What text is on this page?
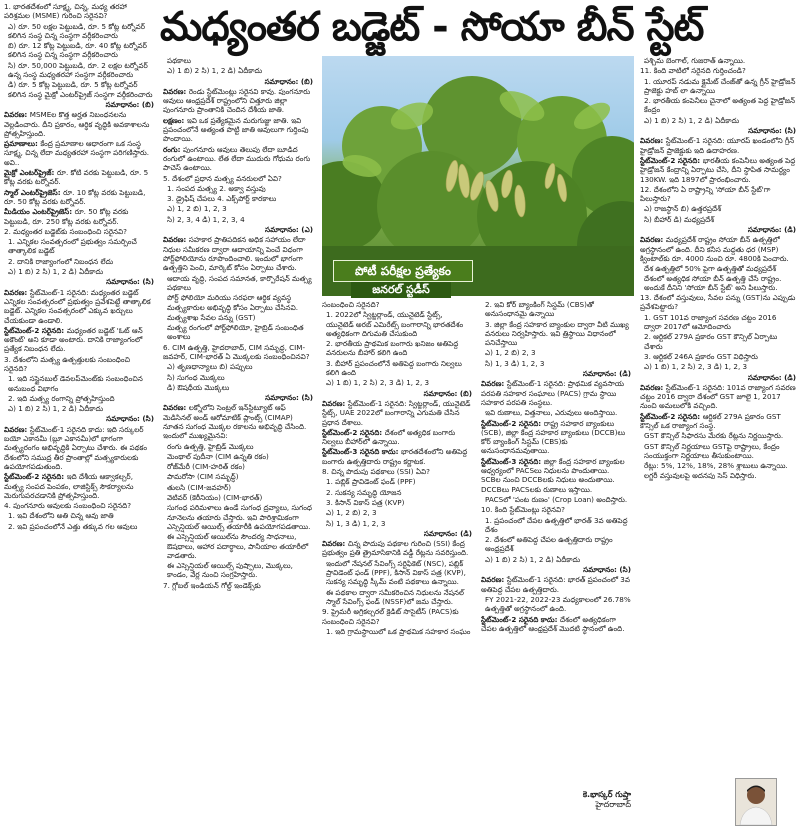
మధ్యంతర బడ్జెట్ - సోయా బీన్ స్టేట్

1. భారతదేశంలో సూక్ష్మ, చిన్న, మధ్య తరహా పరిశ్రమల (MSME) గురించి సరైనవి?

ఎ) రూ. 50 లక్షల పెట్టుబడి, రూ. 5 కోట్ల టర్నోవర్ కలిగిన సంస్థ చిన్న సంస్థగా వర్గీకరించారు

బి) రూ. 12 కోట్ల పెట్టుబడి, రూ. 40 కోట్ల టర్నోవర్ కలిగిన సంస్థ చిన్న సంస్థగా వర్గీకరించారు

సి) రూ. 50,000 పెట్టుబడి, రూ. 2 లక్షల టర్నోవర్ ఉన్న సంస్థ మధ్యతరహా సంస్థగా వర్గీకరించారు

డి) రూ. 5 కోట్ల పెట్టుబడి, రూ. 5 కోట్ల టర్నోవర్ కలిగిన సంస్థ మైక్రో ఎంటర్‌ప్రైజ్ సంస్థగా వర్గీకరించారు

సమాధానం: (బి)

వివరణ: MSMEల కొత్త అర్హత నిబంధనలను వెల్లడించారు. దీని ప్రకారం, ఆర్థిక వృద్ధికి అవకాశాలను ప్రోత్సహిస్తుంది.

ప్రమాణాలు: కేంద్ర ప్రమాణాల ఆధారంగా ఒక సంస్థ సూక్ష్మ, చిన్న లేదా మధ్యతరహా సంస్థగా పరిగణిస్తారు. అవి..

మైక్రో ఎంటర్‌ప్రైజ్: రూ. కోటి వరకు పెట్టుబడి, రూ. 5 కోట్ల వరకు టర్నోవర్.

స్మాల్ ఎంటర్‌ప్రైజెస్: రూ. 10 కోట్ల వరకు పెట్టుబడి, రూ. 50 కోట్ల వరకు టర్నోవర్.

మీడియం ఎంటర్‌ప్రైజెస్: రూ. 50 కోట్ల వరకు పెట్టుబడి, రూ. 250 కోట్ల వరకు టర్నోవర్.

2. మధ్యంతర బడ్జెట్‌కు సంబంధించి సరైనవి?

1. ఎన్నికల సంవత్సరంలో ప్రభుత్వం సమర్పించే తాత్కాలిక బడ్జెట్

2. దానికి రాజ్యాంగంలో నిబంధన లేదు

ఎ) 1 బి) 2 సి) 1, 2 డి) ఏదీకాదు

సమాధానం: (సి)

వివరణ: స్టేట్‌మెంట్-1 సరైనది: మధ్యంతర బడ్జెట్ ఎన్నికల సంవత్సరంలో ప్రభుత్వం ప్రవేశపెట్టే తాత్కాలిక బడ్జెట్. ఎన్నికల సంవత్సరంలో ఎక్కువ ఖర్చులు చేయకుండా ఉండాలి.

స్టేట్‌మెంట్-2 సరైనది: మధ్యంతర బడ్జెట్ 'ఓట్ ఆన్ అకౌంట్' అని కూడా అంటారు. దానికి రాజ్యాంగంలో ప్రత్యేక నిబంధన లేదు.

3. దేశంలోని మత్స్య ఉత్పత్తులకు సంబంధించి సరైనది?

1. ఇది సస్టైనబుల్ డెవలప్‌మెంట్‌కు సంబంధించిన అనుబంధ విభాగం

2. ఇది మత్స్య రంగాన్ని ప్రోత్సహిస్తుంది

ఎ) 1 బి) 2 సి) 1, 2 డి) ఏదీకాదు

సమాధానం: (సి)

వివరణ: స్టేట్‌మెంట్-1 సరైనది కాదు: ఇది సర్కులర్ బయో ఎకానమీ (బ్లూ ఎకానమీ)లో భాగంగా మత్స్యరంగం అభివృద్ధికి ఏర్పాటు చేశారు. ఈ పథకం దేశంలోని సముద్ర తీర ప్రాంతాల్లో మత్స్యకారులకు ఉపయోగపడుతుంది.

స్టేట్‌మెంట్-2 సరైనది: ఇది దేశీయ ఆక్వాకల్చర్, మత్స్య సంపద పెంపకం, లాజిస్టిక్స్ సౌకర్యాలను మెరుగుపరచడానికి ప్రోత్సహిస్తుంది.

4. పుంగనూరు ఆవులకు సంబంధించి సరైనది?

1. ఇవి దేశంలోని అతి చిన్న ఆవు జాతి

2. ఇవి ప్రపంచంలోనే ఎత్తు తక్కువ గల ఆవులు

పథకాలు

ఎ) 1 బి) 2 సి) 1, 2 డి) ఏదీకాదు

సమాధానం: (బి)

వివరణ: రెండు స్టేట్‌మెంట్లు సరైనవి కావు. పుంగనూరు ఆవులు ఆంధ్రప్రదేశ్ రాష్ట్రంలోని చిత్తూరు జిల్లా పుంగనూరు ప్రాంతానికి చెందిన దేశీయ జాతి.

లక్షణం: ఇవి ఒక ప్రత్యేకమైన మరుగుజ్జు జాతి. ఇవి ప్రపంచంలోనే అత్యంత పొట్టి జాతి ఆవులుగా గుర్తింపు పొందాయి.

రంగు: పుంగనూరు ఆవులు తెలుపు లేదా బూడిద రంగులో ఉంటాయి. లేత లేదా ముదురు గోధుమ రంగు పాచెస్ ఉంటాయి.

5. దేశంలో ప్రధాన మత్స్య వనరులలో ఏవి?

1. సంపద మత్స్య 2. అక్వా వస్తువు

3. డ్రైఫిష్ చేపలు 4. ఎక్స్‌పోర్ట్ కారకాలు

ఎ) 1, 2 బి) 1, 2, 3

సి) 2, 3, 4 డి) 1, 2, 3, 4

సమాధానం: (ఎ)

వివరణ: సహకార ప్రాతిపదికన అధిక సహాయం లేదా నిధుల సమీకరణ ద్వారా ఆదాయాన్ని పెంచే విధంగా పోర్ట్‌ఫోలియోను రూపొందించాలి. ఇందులో భాగంగా ఉత్పత్తిని పెంచి, మార్కెట్ కోసం ఏర్పాటు చేశారు.

ఆదాయ వృద్ధి, సంపద సమానత, కార్పొరేషన్ మత్స్య పథకాలు

పోర్ట్ ఫోలియో మరియు సరఫరా ఆర్థిక వ్యవస్థ

మత్స్యకారుల అభివృద్ధి కోసం ఏర్పాటు చేసినవి. మత్స్యశాఖ సేవల పన్ను (GST)

మత్స్య రంగంలో పోర్ట్‌ఫోలియో, హైబ్రిడ్ సంబంధిత అంశాలు

6. CIM ఉత్పత్తి, హైదరాబాద్, CIM సమృద్ధ, CIM-జవహర్, CIM-భారత్ ఏ మొక్కలకు సంబంధించినవి?

ఎ) తృణధాన్యాలు బి) పప్పులు

సి) సుగంధ మొక్కలు

డి) ఔషధీయ మొక్కలు

సమాధానం: (సి)

వివరణ: లక్నోలోని సెంట్రల్ ఇన్‌స్టిట్యూట్ ఆఫ్ మెడిసినల్ అండ్ ఆరోమాటిక్ ప్లాంట్స్ (CIMAP) నూతన సుగంధ మొక్కల రకాలను అభివృద్ధి చేసింది. ఇందులో ముఖ్యమైనవి:

రంగు ఉత్పత్తి, హైబ్రిడ్ మొక్కలు

మెంథాల్ పుదీనా (CIM ఉన్నతి రకం)

రోజ్‌మేరీ (CIM-హరిత్ రకం)

పామరోసా (CIM సమృద్ధ్)

తులసి (CIM-జవహర్)

వెటివర్ (కెరీనియం) (CIM-భారత్)

సుగంధ పరిమళాలు ఉండే సుగంధ ద్రవ్యాలు, సుగంధ నూనెలను తయారు చేస్తారు. ఇవి పారిశ్రామికంగా ఎస్సెన్షియల్ ఆయిల్స్ తయారీకి ఉపయోగపడతాయి.

ఈ ఎస్సెన్షియల్ ఆయిల్‌ను సౌందర్య సాధనాలు, ఔషధాలు, ఆహార పదార్థాలు, పానీయాల తయారీలో వాడతారు.

ఈ ఎస్సెన్షియల్ ఆయిల్స్ పుష్పాలు, మొక్కలు, కాండం, వేర్ల నుంచి సంగ్రహిస్తారు.

7. గ్లోబల్ ఇండియన్ గోల్డ్ ఇండెక్స్‌కు

పోటీ పరీక్షల ప్రత్యేకం
జనరల్ స్టడీస్

సంబంధించి సరైనది?

1. 2022లో స్విట్జర్లాండ్, యునైటెడ్ స్టేట్స్, యునైటెడ్ అరబ్ ఎమిరేట్స్ బంగారాన్ని భారతదేశం అత్యధికంగా దిగుమతి చేసుకుంది

2. భారతీయ ప్రాథమిక బంగారు ఖనిజం అతిపెద్ద వనరులను బీహార్ కలిగి ఉంది

3. బీహార్ ప్రపంచంలోనే అతిపెద్ద బంగారు నిల్వలు కలిగి ఉంది

ఎ) 1 బి) 1, 2 సి) 2, 3 డి) 1, 2, 3

సమాధానం: (బి)

వివరణ: స్టేట్‌మెంట్-1 సరైనది: స్విట్జర్లాండ్, యునైటెడ్ స్టేట్స్, UAE 2022లో బంగారాన్ని ఎగుమతి చేసిన ప్రధాన దేశాలు.

స్టేట్‌మెంట్-2 సరైనది: దేశంలో అత్యధిక బంగారు నిల్వలు బీహార్‌లో ఉన్నాయి.

స్టేట్‌మెంట్-3 సరైనది కాదు: భారతదేశంలోని అతిపెద్ద బంగారు ఉత్పత్తిదారు రాష్ట్రం కర్ణాటక.

8. చిన్న పొదుపు పథకాలు (SSI) ఏవి?

1. పబ్లిక్ ప్రావిడెంట్ ఫండ్ (PPF)

2. సుకన్య సమృద్ధి యోజన

3. కిసాన్ వికాస్ పత్ర (KVP)

ఎ) 1, 2 బి) 2, 3

సి) 1, 3 డి) 1, 2, 3

సమాధానం: (డి)

వివరణ: చిన్న పొదుపు పథకాల గురించి (SSI) కేంద్ర ప్రభుత్వం ప్రతి త్రైమాసికానికి వడ్డీ రేట్లను సవరిస్తుంది.

ఇందులో నేషనల్ సేవింగ్స్ సర్టిఫికెట్ (NSC), పబ్లిక్ ప్రావిడెంట్ ఫండ్ (PPF), కిసాన్ వికాస్ పత్ర (KVP), సుకన్య సమృద్ధి స్కీమ్ వంటి పథకాలు ఉన్నాయి.

ఈ పథకాల ద్వారా సమీకరించిన నిధులను నేషనల్ స్మాల్ సేవింగ్స్ ఫండ్ (NSSF)లో జమ చేస్తారు.

9. ప్రైమరీ అగ్రికల్చరల్ క్రెడిట్ సొసైటీస్ (PACS)కు సంబంధించి సరైనవి?

1. ఇది గ్రామస్థాయిలో ఒక ప్రాథమిక సహకార సంఘం

2. ఇవి కోర్ బ్యాంకింగ్ సిస్టమ్ (CBS)తో అనుసంధానమై ఉన్నాయి

3. జిల్లా కేంద్ర సహకార బ్యాంకుల ద్వారా వీటి ముఖ్య వనరులు నిర్వహిస్తారు. ఇవి త్రిస్థాయి విధానంలో పనిచేస్తాయి

ఎ) 1, 2 బి) 2, 3

సి) 1, 3 డి) 1, 2, 3

సమాధానం: (డి)

వివరణ: స్టేట్‌మెంట్-1 సరైనది: ప్రాథమిక వ్యవసాయ పరపతి సహకార సంఘాలు (PACS) గ్రామ స్థాయి సహకార పరపతి సంస్థలు.

ఇవి రుణాలు, విత్తనాలు, ఎరువులు అందిస్తాయి.

స్టేట్‌మెంట్-2 సరైనది: రాష్ట్ర సహకార బ్యాంకులు (SCB), జిల్లా కేంద్ర సహకార బ్యాంకులు (DCCB)లు కోర్ బ్యాంకింగ్ సిస్టమ్ (CBS)కు అనుసంధానమవుతాయి.

స్టేట్‌మెంట్-3 సరైనది: జిల్లా కేంద్ర సహకార బ్యాంకుల ఆధ్వర్యంలో PACSలు నిధులను పొందుతాయి. SCBల నుంచి DCCBలకు నిధులు అందుతాయి. DCCBలు PACSలకు రుణాలు ఇస్తాయి.

PACSలో 'పంట రుణం' (Crop Loan) అందిస్తారు.

10. కింది స్టేట్‌మెంట్లు సరైనవి?

1. ప్రపంచంలో చేపల ఉత్పత్తిలో భారత్ 3వ అతిపెద్ద దేశం

2. దేశంలో అతిపెద్ద చేపల ఉత్పత్తిదారు రాష్ట్రం ఆంధ్రప్రదేశ్

ఎ) 1 బి) 2 సి) 1, 2 డి) ఏదీకాదు

సమాధానం: (సి)

వివరణ: స్టేట్‌మెంట్-1 సరైనది: భారత్ ప్రపంచంలో 3వ అతిపెద్ద చేపల ఉత్పత్తిదారు.

FY 2021-22, 2022-23 మధ్యకాలంలో 26.78% ఉత్పత్తితో అగ్రస్థానంలో ఉంది.

స్టేట్‌మెంట్-2 సరైనది కాదు: దేశంలో అత్యధికంగా చేపల ఉత్పత్తిలో ఆంధ్రప్రదేశ్ మొదటి స్థానంలో ఉంది.

పశ్చిమ బెంగాల్, గుజరాత్ ఉన్నాయి.

11. కింది వాటిలో సరైనది గుర్తించండి?

1. యూరప్ నడుమ క్లైమేట్ చేంజ్‌తో ఉన్న గ్రీన్ హైడ్రోజన్ ప్రాజెక్టు హబ్ లా ఉన్నాయి

2. భారతీయ కంపెనీలు చైనాలో అత్యంత పెద్ద హైడ్రోజన్ కేంద్రం

ఎ) 1 బి) 2 సి) 1, 2 డి) ఏదీకాదు

సమాధానం: (సి)

వివరణ: స్టేట్‌మెంట్-1 సరైనది: యూరప్ ఖండంలోని గ్రీన్ హైడ్రోజన్ ప్రాజెక్టుకు ఇది ఉదాహరణ.

స్టేట్‌మెంట్-2 సరైనది: భారతీయ కంపెనీలు అత్యంత పెద్ద హైడ్రోజన్ కేంద్రాన్ని ఏర్పాటు చేసి, దీని స్థాపిత సామర్థ్యం 130KW. ఇది 1897లో ప్రారంభించారు.

12. దేశంలోని ఏ రాష్ట్రాన్ని 'సోయా బీన్ స్టేట్'గా పిలుస్తారు?

ఎ) రాజస్థాన్ బి) ఉత్తరప్రదేశ్

సి) బీహార్ డి) మధ్యప్రదేశ్

సమాధానం: (డి)

వివరణ: మధ్యప్రదేశ్ రాష్ట్రం సోయా బీన్ ఉత్పత్తిలో అగ్రస్థానంలో ఉంది. దీని కనీస మద్దతు ధర (MSP) క్వింటాల్‌కు రూ. 4000 నుంచి రూ. 4800కి పెంచారు.

దేశ ఉత్పత్తిలో 50% పైగా ఉత్పత్తితో మధ్యప్రదేశ్ దేశంలో అత్యధిక సోయా బీన్ ఉత్పత్తి చేసే రాష్ట్రం. అందుకే దీనిని 'సోయా బీన్ స్టేట్' అని పిలుస్తారు.

13. దేశంలో వస్తువులు, సేవల పన్ను (GST)ను ఎప్పుడు ప్రవేశపెట్టారు?

1. GST 101వ రాజ్యాంగ సవరణ చట్టం 2016 ద్వారా 2017లో ఆమోదించారు

2. ఆర్టికల్ 279A ప్రకారం GST కౌన్సిల్ ఏర్పాటు చేశారు

3. ఆర్టికల్ 246A ప్రకారం GST విధిస్తారు

ఎ) 1 బి) 1, 2 సి) 2, 3 డి) 1, 2, 3

సమాధానం: (డి)

వివరణ: స్టేట్‌మెంట్-1 సరైనది: 101వ రాజ్యాంగ సవరణ చట్టం 2016 ద్వారా దేశంలో GST జూలై 1, 2017 నుంచి అమలులోకి వచ్చింది.

స్టేట్‌మెంట్-2 సరైనది: ఆర్టికల్ 279A ప్రకారం GST కౌన్సిల్ ఒక రాజ్యాంగ సంస్థ.

GST కౌన్సిల్ సిఫారసు మేరకు రేట్లను నిర్ణయిస్తారు.

GST కౌన్సిల్ నిర్ణయాలు GSTపై రాష్ట్రాలు, కేంద్రం సంయుక్తంగా నిర్ణయాలు తీసుకుంటాయి.

రేట్లు: 5%, 12%, 18%, 28% శ్లాబులు ఉన్నాయి.

లగ్జరీ వస్తువులపై అదనపు సెస్ విధిస్తారు.

కె.భాస్కర్ గుప్తా
హైదరాబాద్
